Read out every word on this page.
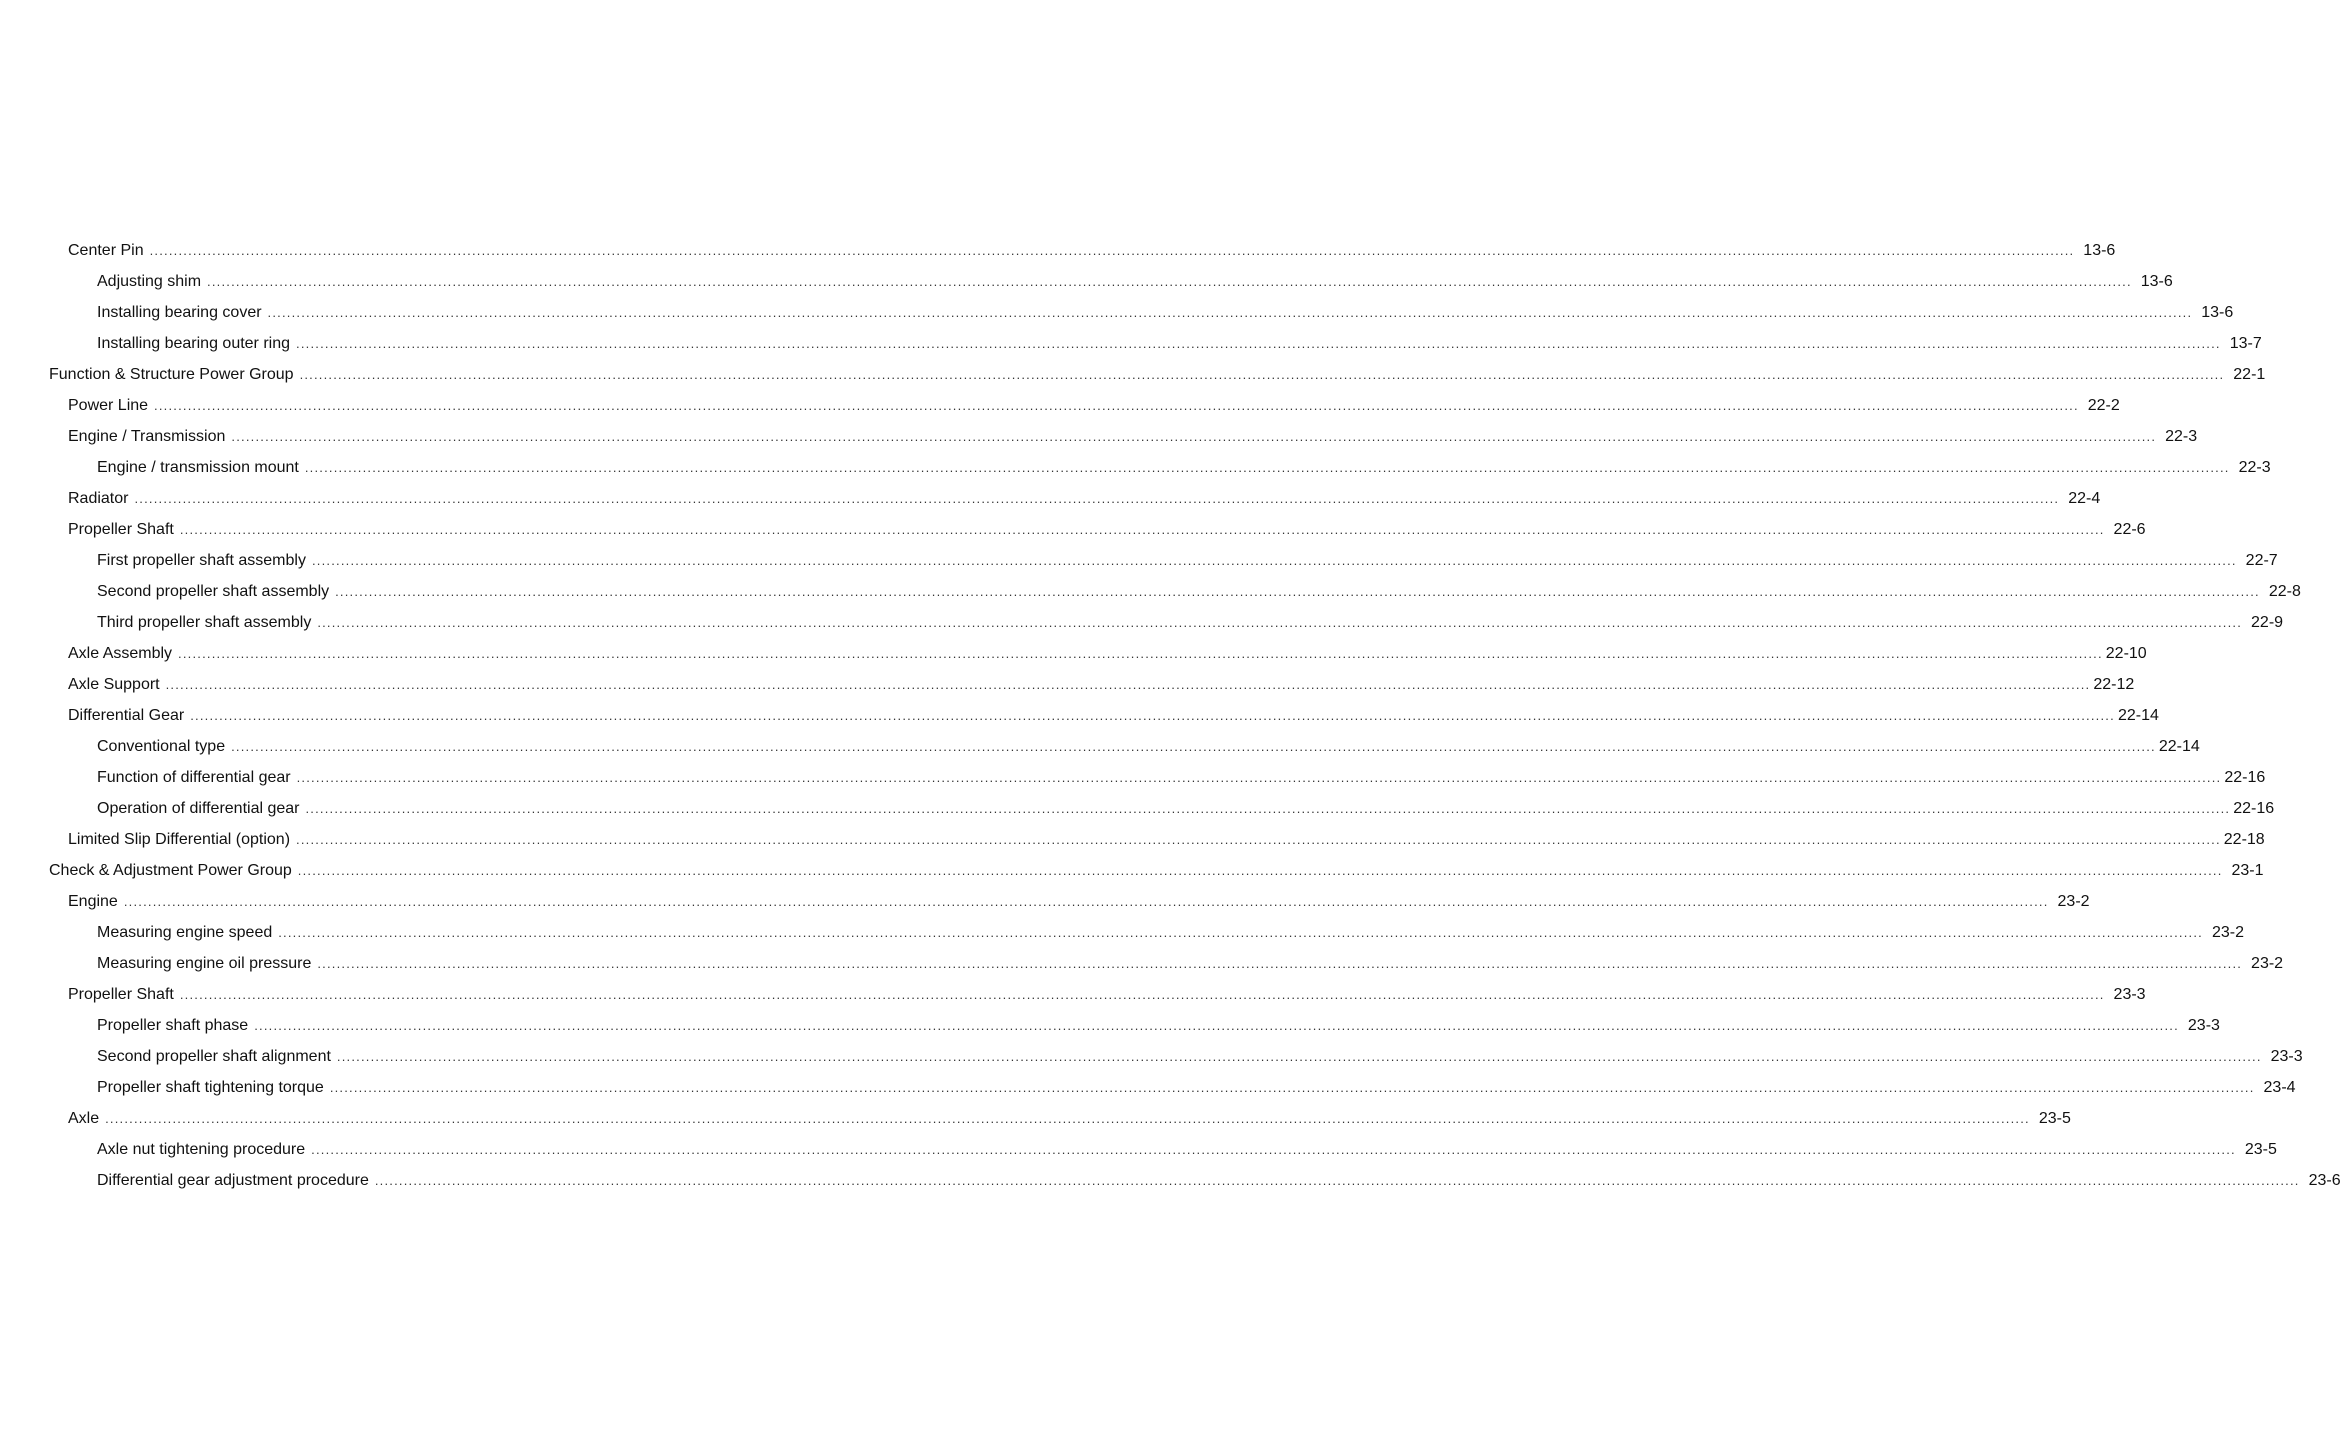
Center Pin ................................................................................................................................................................................................................................................................................................................................................................................................................ 13-6
Adjusting shim ................................................................................................................................................................................................................................................................................................................................................................................................................ 13-6
Installing bearing cover ................................................................................................................................................................................................................................................................................................................................................................................................................ 13-6
Installing bearing outer ring ................................................................................................................................................................................................................................................................................................................................................................................................................ 13-7
Function & Structure Power Group ................................................................................................................................................................................................................................................................................................................................................................................................................ 22-1
Power Line ................................................................................................................................................................................................................................................................................................................................................................................................................ 22-2
Engine / Transmission ................................................................................................................................................................................................................................................................................................................................................................................................................ 22-3
Engine / transmission mount ................................................................................................................................................................................................................................................................................................................................................................................................................ 22-3
Radiator ................................................................................................................................................................................................................................................................................................................................................................................................................ 22-4
Propeller Shaft ................................................................................................................................................................................................................................................................................................................................................................................................................ 22-6
First propeller shaft assembly ................................................................................................................................................................................................................................................................................................................................................................................................................ 22-7
Second propeller shaft assembly ................................................................................................................................................................................................................................................................................................................................................................................................................ 22-8
Third propeller shaft assembly ................................................................................................................................................................................................................................................................................................................................................................................................................ 22-9
Axle Assembly ................................................................................................................................................................................................................................................................................................................................................................................................................ 22-10
Axle Support ................................................................................................................................................................................................................................................................................................................................................................................................................ 22-12
Differential Gear ................................................................................................................................................................................................................................................................................................................................................................................................................ 22-14
Conventional type ................................................................................................................................................................................................................................................................................................................................................................................................................ 22-14
Function of differential gear ................................................................................................................................................................................................................................................................................................................................................................................................................ 22-16
Operation of differential gear ................................................................................................................................................................................................................................................................................................................................................................................................................ 22-16
Limited Slip Differential (option) ................................................................................................................................................................................................................................................................................................................................................................................................................ 22-18
Check & Adjustment Power Group ................................................................................................................................................................................................................................................................................................................................................................................................................ 23-1
Engine ................................................................................................................................................................................................................................................................................................................................................................................................................ 23-2
Measuring engine speed ................................................................................................................................................................................................................................................................................................................................................................................................................ 23-2
Measuring engine oil pressure ................................................................................................................................................................................................................................................................................................................................................................................................................ 23-2
Propeller Shaft ................................................................................................................................................................................................................................................................................................................................................................................................................ 23-3
Propeller shaft phase ................................................................................................................................................................................................................................................................................................................................................................................................................ 23-3
Second propeller shaft alignment ................................................................................................................................................................................................................................................................................................................................................................................................................ 23-3
Propeller shaft tightening torque ................................................................................................................................................................................................................................................................................................................................................................................................................ 23-4
Axle ................................................................................................................................................................................................................................................................................................................................................................................................................ 23-5
Axle nut tightening procedure ................................................................................................................................................................................................................................................................................................................................................................................................................ 23-5
Differential gear adjustment procedure ................................................................................................................................................................................................................................................................................................................................................................................................................ 23-6
